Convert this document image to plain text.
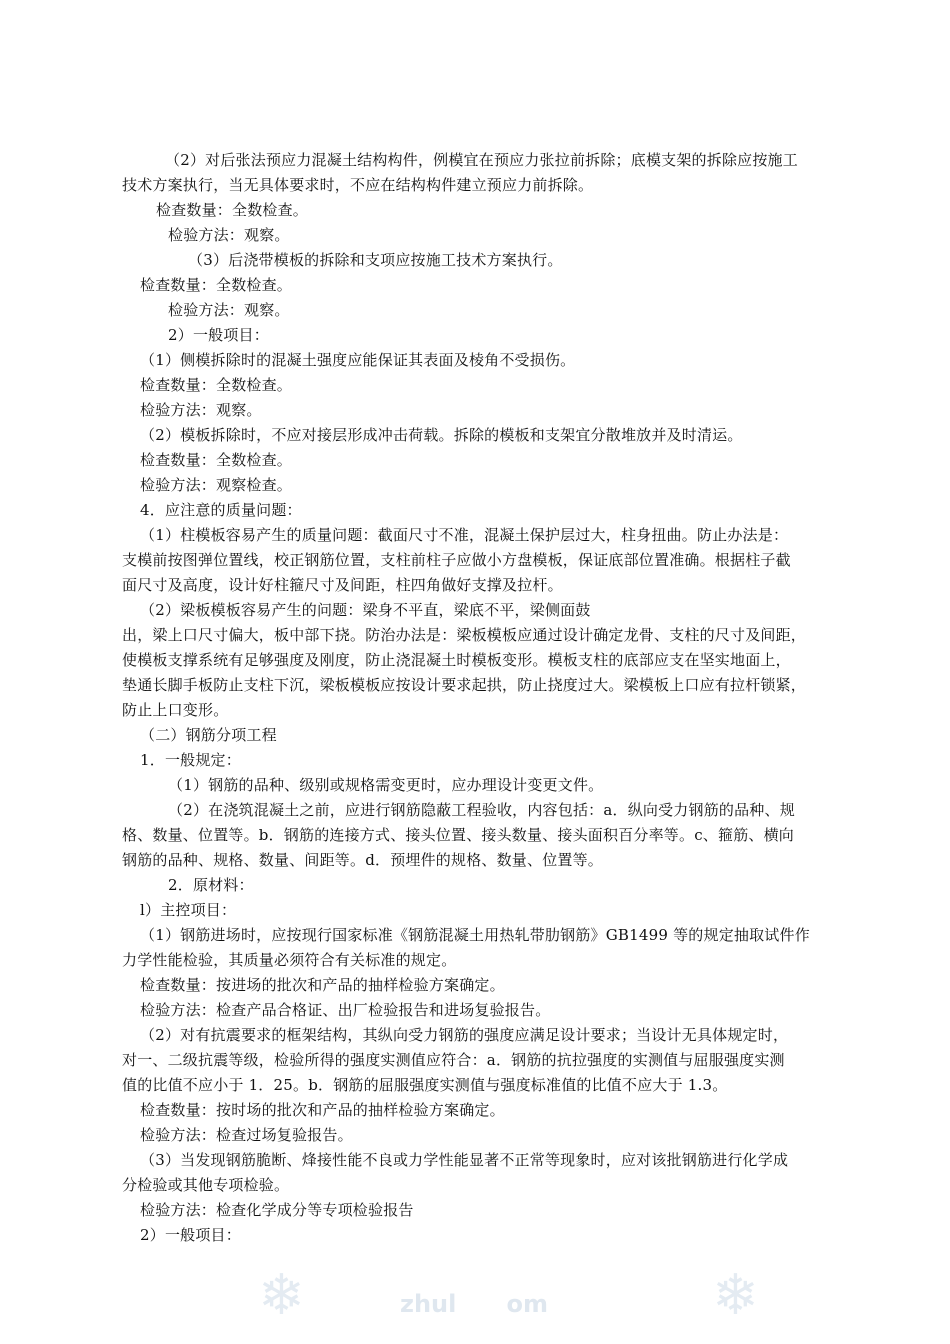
❄	❄
zhul      om
（2）对后张法预应力混凝土结构构件，例模宜在预应力张拉前拆除；底模支架的拆除应按施工
技术方案执行，当无具体要求时，不应在结构构件建立预应力前拆除。
检查数量：全数检查。
检验方法：观察。
（3）后浇带模板的拆除和支项应按施工技术方案执行。
检查数量：全数检查。
检验方法：观察。
2）一般项目：
（1）侧模拆除时的混凝土强度应能保证其表面及棱角不受损伤。
检查数量：全数检查。
检验方法：观察。
（2）模板拆除时，不应对接层形成冲击荷载。拆除的模板和支架宜分散堆放并及时清运。
检查数量：全数检查。
检验方法：观察检查。
4．应注意的质量问题：
（1）柱模板容易产生的质量问题：截面尺寸不准，混凝土保护层过大，柱身扭曲。防止办法是：
支模前按图弹位置线，校正钢筋位置，支柱前柱子应做小方盘模板，保证底部位置准确。根据柱子截
面尺寸及高度，设计好柱箍尺寸及间距，柱四角做好支撑及拉杆。
（2）梁板模板容易产生的问题：梁身不平直，梁底不平，梁侧面鼓
出，梁上口尺寸偏大，板中部下挠。防治办法是：梁板模板应通过设计确定龙骨、支柱的尺寸及间距，
使模板支撑系统有足够强度及刚度，防止浇混凝土时模板变形。模板支柱的底部应支在坚实地面上，
垫通长脚手板防止支柱下沉，梁板模板应按设计要求起拱，防止挠度过大。梁模板上口应有拉杆锁紧，
防止上口变形。
（二）钢筋分项工程
1．一般规定：
（1）钢筋的品种、级别或规格需变更时，应办理设计变更文件。
（2）在浇筑混凝土之前，应进行钢筋隐蔽工程验收，内容包括：a．纵向受力钢筋的品种、规
格、数量、位置等。b．钢筋的连接方式、接头位置、接头数量、接头面积百分率等。c、箍筋、横向
钢筋的品种、规格、数量、间距等。d．预埋件的规格、数量、位置等。
2．原材料：
l）主控项目：
（1）钢筋进场时，应按现行国家标准《钢筋混凝土用热轧带肋钢筋》GB1499 等的规定抽取试件作
力学性能检验，其质量必须符合有关标准的规定。
检查数量：按进场的批次和产品的抽样检验方案确定。
检验方法：检查产品合格证、出厂检验报告和进场复验报告。
（2）对有抗震要求的框架结构，其纵向受力钢筋的强度应满足设计要求；当设计无具体规定时，
对一、二级抗震等级，检验所得的强度实测值应符合：a．钢筋的抗拉强度的实测值与屈服强度实测
值的比值不应小于 1．25。b．钢筋的屈服强度实测值与强度标准值的比值不应大于 1.3。
检查数量：按时场的批次和产品的抽样检验方案确定。
检验方法：检查过场复验报告。
（3）当发现钢筋脆断、烽接性能不良或力学性能显著不正常等现象时，应对该批钢筋进行化学成
分检验或其他专项检验。
检验方法：检查化学成分等专项检验报告
2）一般项目：
